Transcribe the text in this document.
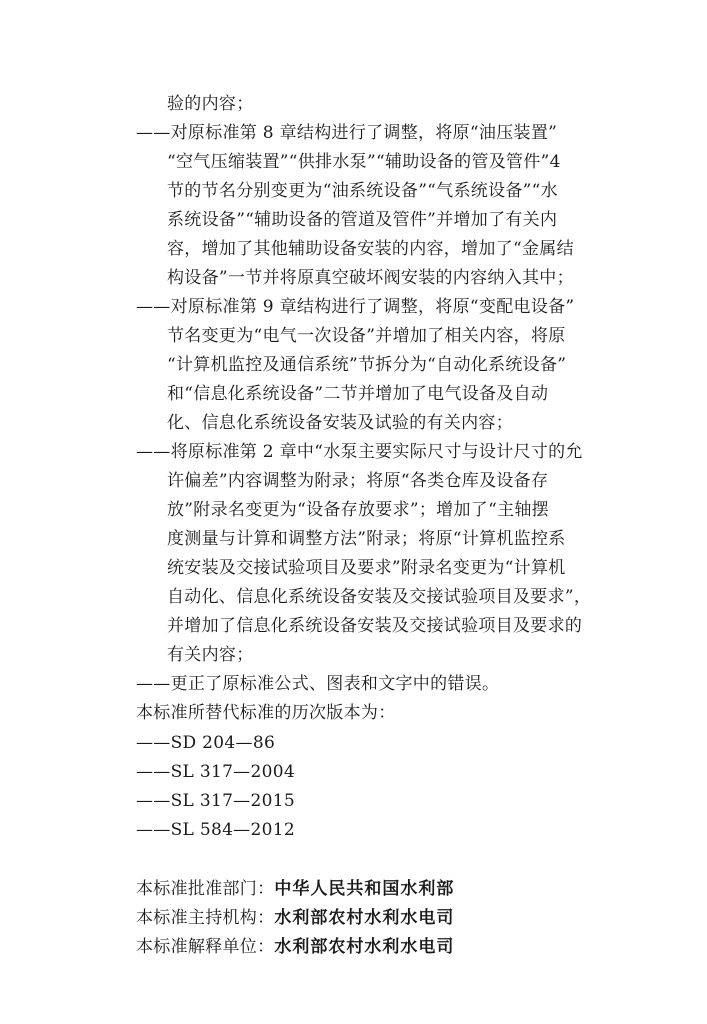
验的内容；
——对原标准第 8 章结构进行了调整，将原“油压装置”
“空气压缩装置”“供排水泵”“辅助设备的管及管件”4
节的节名分别变更为“油系统设备”“气系统设备”“水
系统设备”“辅助设备的管道及管件”并增加了有关内
容，增加了其他辅助设备安装的内容，增加了“金属结
构设备”一节并将原真空破坏阀安装的内容纳入其中；
——对原标准第 9 章结构进行了调整，将原“变配电设备”
节名变更为“电气一次设备”并增加了相关内容，将原
“计算机监控及通信系统”节拆分为“自动化系统设备”
和“信息化系统设备”二节并增加了电气设备及自动
化、信息化系统设备安装及试验的有关内容；
——将原标准第 2 章中“水泵主要实际尺寸与设计尺寸的允
许偏差”内容调整为附录；将原“各类仓库及设备存
放”附录名变更为“设备存放要求”；增加了“主轴摆
度测量与计算和调整方法”附录；将原“计算机监控系
统安装及交接试验项目及要求”附录名变更为“计算机
自动化、信息化系统设备安装及交接试验项目及要求”，
并增加了信息化系统设备安装及交接试验项目及要求的
有关内容；
——更正了原标准公式、图表和文字中的错误。
本标准所替代标准的历次版本为：
——SD 204—86
——SL 317—2004
——SL 317—2015
——SL 584—2012
本标准批准部门：中华人民共和国水利部
本标准主持机构：水利部农村水利水电司
本标准解释单位：水利部农村水利水电司
